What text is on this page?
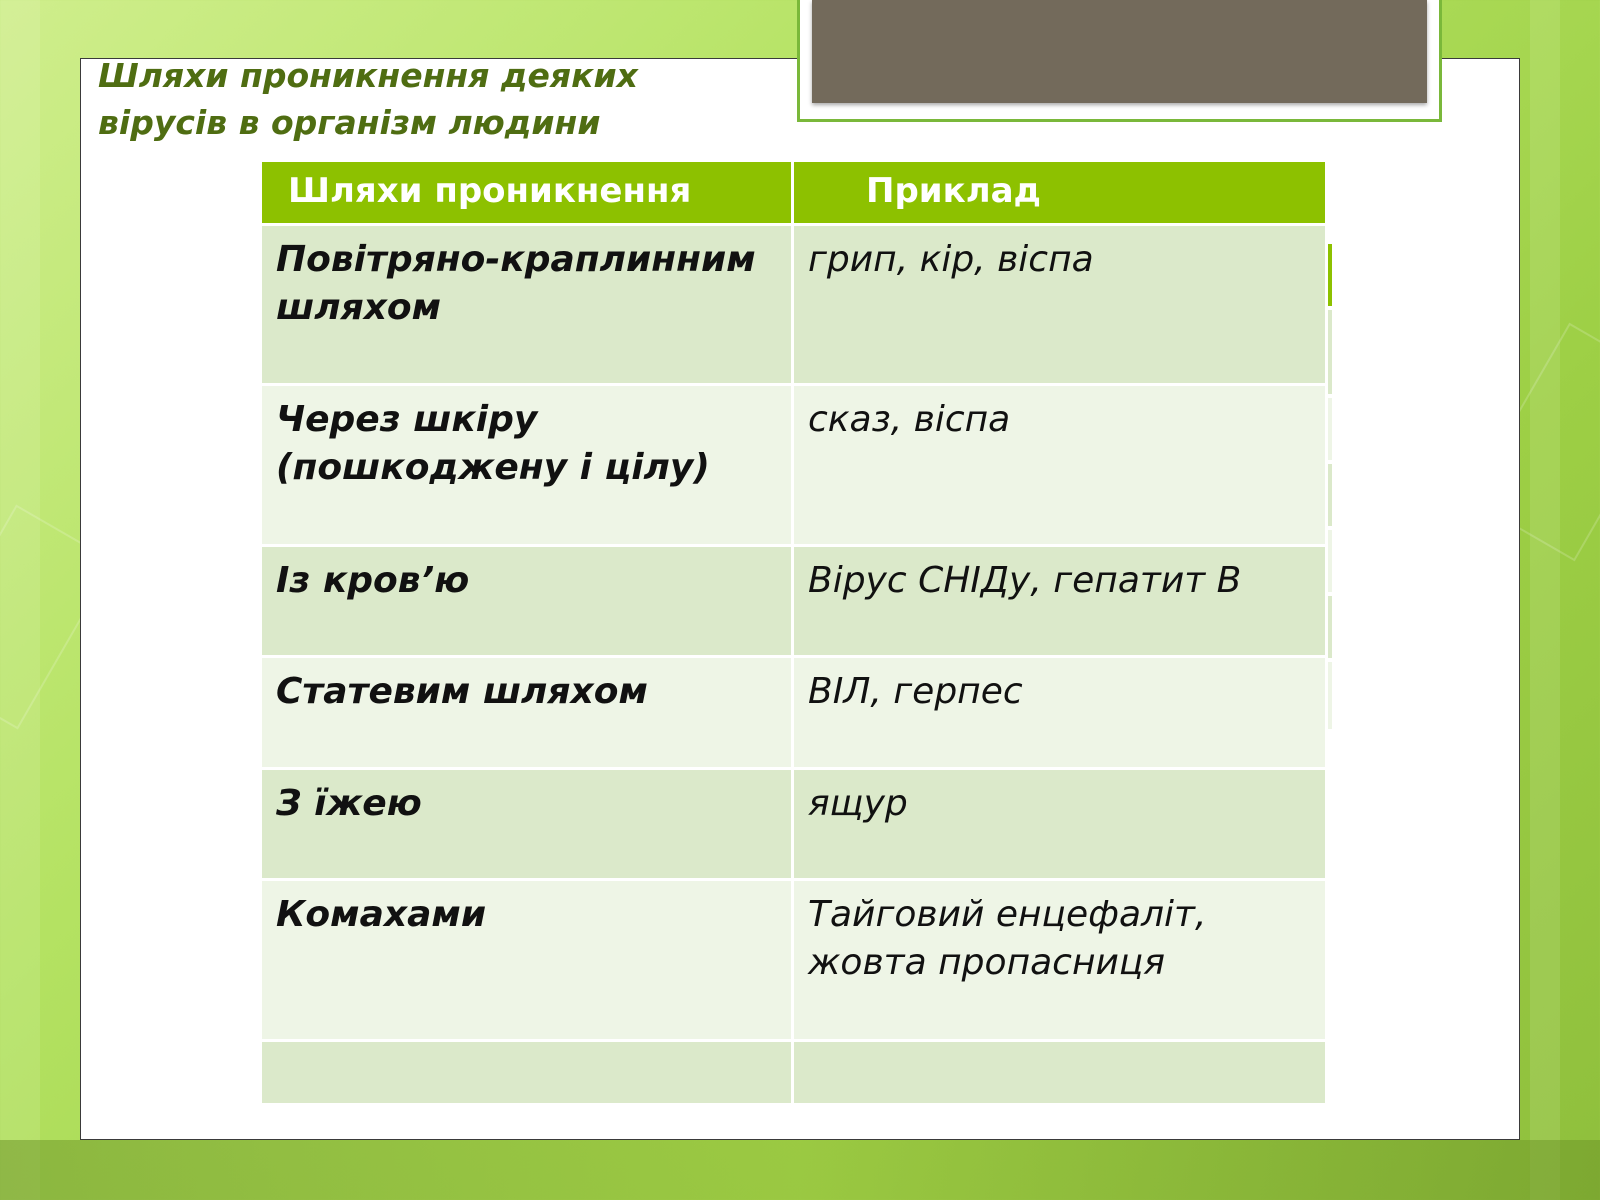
Шляхи проникнення деяких вірусів в організм людини
Шляхи проникнення	Приклад
Повітряно-краплинним шляхом	грип, кір, віспа
Через шкіру (пошкоджену і цілу)	сказ, віспа
Із кров’ю	Вірус СНІДу, гепатит В
Статевим шляхом	ВІЛ, герпес
З їжею	ящур
Комахами	Тайговий енцефаліт, жовта пропасниця
